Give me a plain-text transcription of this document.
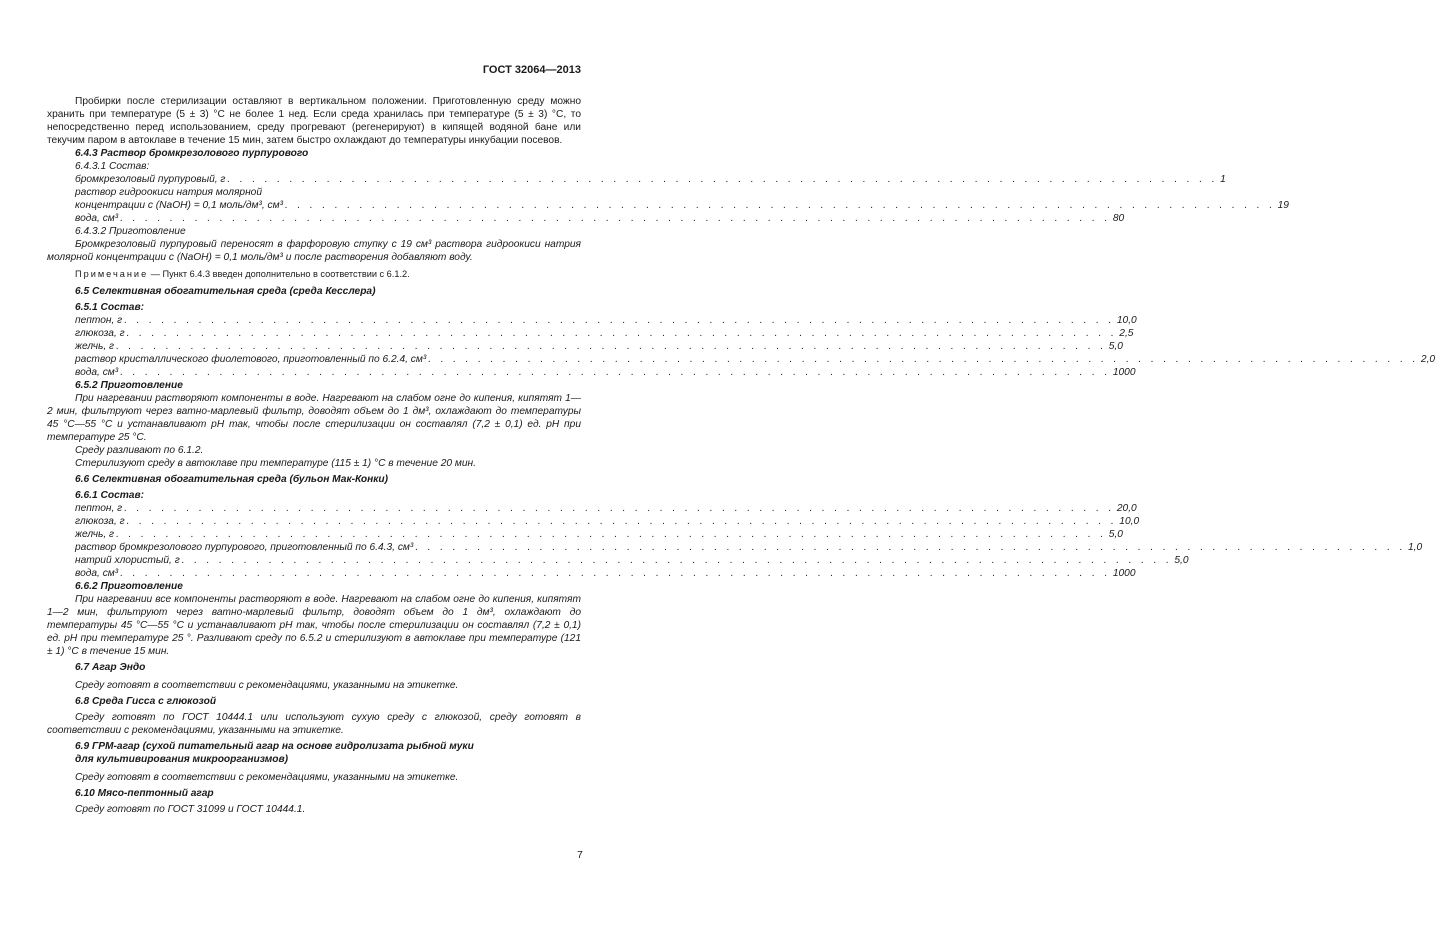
ГОСТ 32064—2013

Пробирки после стерилизации оставляют в вертикальном положении. Приготовленную среду можно хранить при температуре (5 ± 3) °С не более 1 нед. Если среда хранилась при температуре (5 ± 3) °С, то непосредственно перед использованием, среду прогревают (регенерируют) в кипящей водяной бане или текучим паром в автоклаве в течение 15 мин, затем быстро охлаждают до температуры инкубации посевов.

6.4.3 Раствор бромкрезолового пурпурового

6.4.3.1 Состав:

бромкрезоловый пурпуровый, г . . . . . . . . . . . . . . . . . . . . . . . . . . . . . . . . . . . . . . . . . . . . . . . . . . . . . . . . . . . . . . . . . . . . . . . . . . . . . . . . 1
раствор гидроокиси натрия молярной
концентрации с (NaOH) = 0,1 моль/дм³, см³ . . . . . . . . . . . . . . . . . . . . . . . . . . . . . . . . . . . . . . . . . . . . . . . . . . . . . . . . . . . . . . . . . . . . . . . . . . . . . . . . 19
вода, см³ . . . . . . . . . . . . . . . . . . . . . . . . . . . . . . . . . . . . . . . . . . . . . . . . . . . . . . . . . . . . . . . . . . . . . . . . . . . . . . . . 80

6.4.3.2 Приготовление

Бромкрезоловый пурпуровый переносят в фарфоровую ступку с 19 см³ раствора гидроокиси натрия молярной концентрации с (NaOH) = 0,1 моль/дм³ и после растворения добавляют воду.

Примечание — Пункт 6.4.3 введен дополнительно в соответствии с 6.1.2.

6.5 Селективная обогатительная среда (среда Кесслера)

6.5.1 Состав:

пептон, г . . . . . . . . . . . . . . . . . . . . . . . . . . . . . . . . . . . . . . . . . . . . . . . . . . . . . . . . . . . . . . . . . . . . . . . . . . . . . . . . 10,0
глюкоза, г . . . . . . . . . . . . . . . . . . . . . . . . . . . . . . . . . . . . . . . . . . . . . . . . . . . . . . . . . . . . . . . . . . . . . . . . . . . . . . . . 2,5
желчь, г . . . . . . . . . . . . . . . . . . . . . . . . . . . . . . . . . . . . . . . . . . . . . . . . . . . . . . . . . . . . . . . . . . . . . . . . . . . . . . . . 5,0
раствор кристаллического фиолетового, приготовленный по 6.2.4, см³ . . . . . . . . . . . . . . . . . . . . . . . . . . . . . . . . . . . . . . . . . . . . . . . . . . . . . . . . . . . . . . . . . . . . . . . . . . . . . . . . 2,0
вода, см³ . . . . . . . . . . . . . . . . . . . . . . . . . . . . . . . . . . . . . . . . . . . . . . . . . . . . . . . . . . . . . . . . . . . . . . . . . . . . . . . . 1000

6.5.2 Приготовление

При нагревании растворяют компоненты в воде. Нагревают на слабом огне до кипения, кипятят 1—2 мин, фильтруют через ватно-марлевый фильтр, доводят объем до 1 дм³, охлаждают до температуры 45 °С—55 °С и устанавливают рН так, чтобы после стерилизации он составлял (7,2 ± 0,1) ед. рН при температуре 25 °С.

Среду разливают по 6.1.2.

Стерилизуют среду в автоклаве при температуре (115 ± 1) °С в течение 20 мин.

6.6 Селективная обогатительная среда (бульон Мак-Конки)

6.6.1 Состав:

пептон, г . . . . . . . . . . . . . . . . . . . . . . . . . . . . . . . . . . . . . . . . . . . . . . . . . . . . . . . . . . . . . . . . . . . . . . . . . . . . . . . . 20,0
глюкоза, г . . . . . . . . . . . . . . . . . . . . . . . . . . . . . . . . . . . . . . . . . . . . . . . . . . . . . . . . . . . . . . . . . . . . . . . . . . . . . . . . 10,0
желчь, г . . . . . . . . . . . . . . . . . . . . . . . . . . . . . . . . . . . . . . . . . . . . . . . . . . . . . . . . . . . . . . . . . . . . . . . . . . . . . . . . 5,0
раствор бромкрезолового пурпурового, приготовленный по 6.4.3, см³ . . . . . . . . . . . . . . . . . . . . . . . . . . . . . . . . . . . . . . . . . . . . . . . . . . . . . . . . . . . . . . . . . . . . . . . . . . . . . . . . 1,0
натрий хлористый, г . . . . . . . . . . . . . . . . . . . . . . . . . . . . . . . . . . . . . . . . . . . . . . . . . . . . . . . . . . . . . . . . . . . . . . . . . . . . . . . . 5,0
вода, см³ . . . . . . . . . . . . . . . . . . . . . . . . . . . . . . . . . . . . . . . . . . . . . . . . . . . . . . . . . . . . . . . . . . . . . . . . . . . . . . . . 1000

6.6.2 Приготовление

При нагревании все компоненты растворяют в воде. Нагревают на слабом огне до кипения, кипятят 1—2 мин, фильтруют через ватно-марлевый фильтр, доводят объем до 1 дм³, охлаждают до температуры 45 °С—55 °С и устанавливают рН так, чтобы после стерилизации он составлял (7,2 ± 0,1) ед. рН при температуре 25 °. Разливают среду по 6.5.2 и стерилизуют в автоклаве при температуре (121 ± 1) °С в течение 15 мин.

6.7 Агар Эндо

Среду готовят в соответствии с рекомендациями, указанными на этикетке.

6.8 Среда Гисса с глюкозой

Среду готовят по ГОСТ 10444.1 или используют сухую среду с глюкозой, среду готовят в соответствии с рекомендациями, указанными на этикетке.

6.9 ГРМ-агар (сухой питательный агар на основе гидролизата рыбной муки

для культивирования микроорганизмов)

Среду готовят в соответствии с рекомендациями, указанными на этикетке.

6.10 Мясо-пептонный агар

Среду готовят по ГОСТ 31099 и ГОСТ 10444.1.

7
